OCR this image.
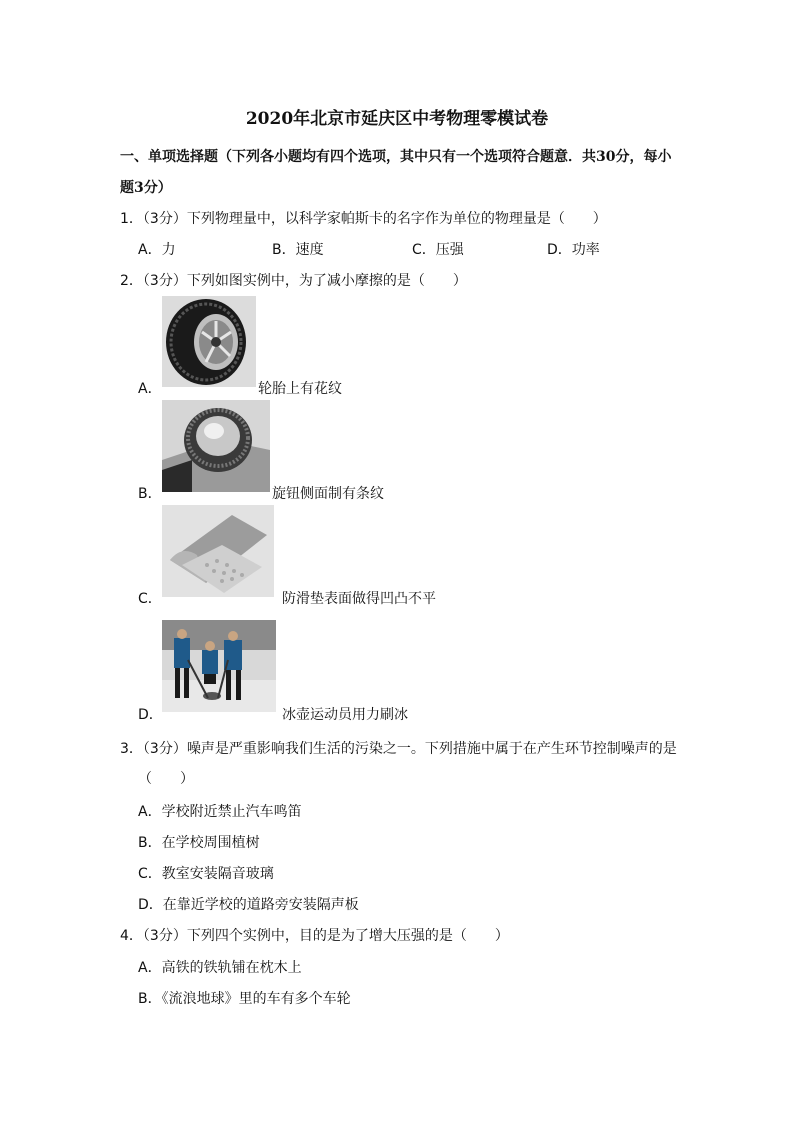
2020年北京市延庆区中考物理零模试卷
一、单项选择题（下列各小题均有四个选项，其中只有一个选项符合题意．共30分，每小
题3分）
1．（3分）下列物理量中，以科学家帕斯卡的名字作为单位的物理量是（　　）
A．力	B．速度	C．压强	D．功率
2．（3分）下列如图实例中，为了减小摩擦的是（　　）
A．	轮胎上有花纹
B．	旋钮侧面制有条纹
C．	防滑垫表面做得凹凸不平
D．	冰壶运动员用力刷冰
3．（3分）噪声是严重影响我们生活的污染之一。下列措施中属于在产生环节控制噪声的是
（　　）
A．学校附近禁止汽车鸣笛
B．在学校周围植树
C．教室安装隔音玻璃
D．在靠近学校的道路旁安装隔声板
4．（3分）下列四个实例中，目的是为了增大压强的是（　　）
A．高铁的铁轨铺在枕木上
B．《流浪地球》里的车有多个车轮
